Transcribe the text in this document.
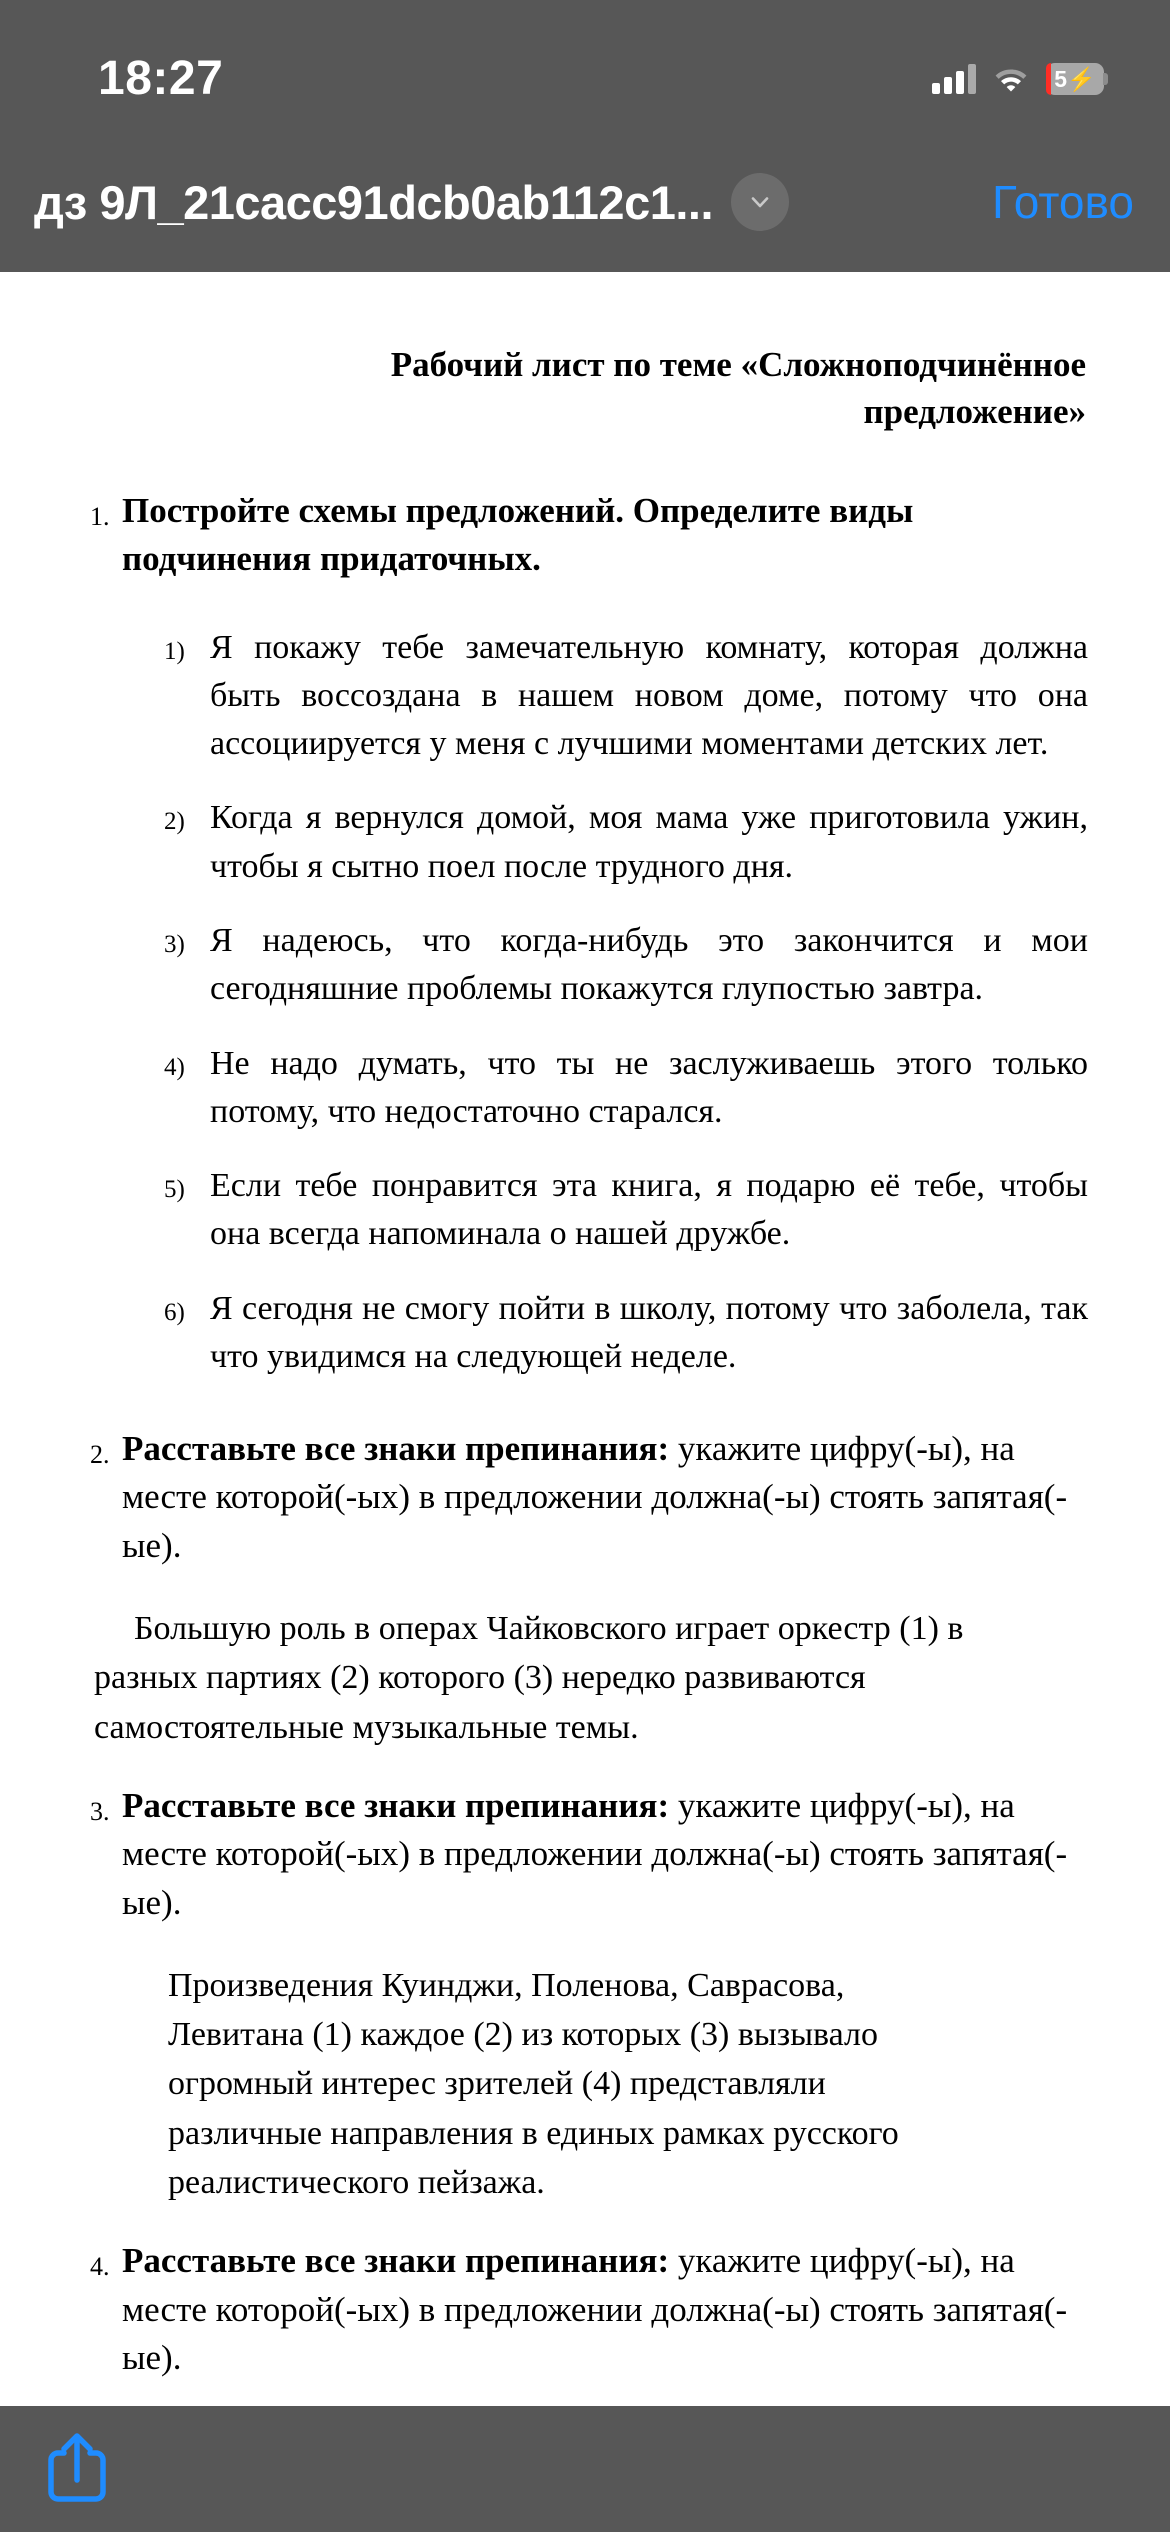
18:27	5 ⚡
дз 9Л_21cacc91dcb0ab112c1...	Готово
Рабочий лист по теме «Сложноподчинённое предложение»
1. Постройте схемы предложений. Определите виды подчинения придаточных.
1) Я покажу тебе замечательную комнату, которая должна быть воссоздана в нашем новом доме, потому что она ассоциируется у меня с лучшими моментами детских лет.
2) Когда я вернулся домой, моя мама уже приготовила ужин, чтобы я сытно поел после трудного дня.
3) Я надеюсь, что когда-нибудь это закончится и мои сегодняшние проблемы покажутся глупостью завтра.
4) Не надо думать, что ты не заслуживаешь этого только потому, что недостаточно старался.
5) Если тебе понравится эта книга, я подарю её тебе, чтобы она всегда напоминала о нашей дружбе.
6) Я сегодня не смогу пойти в школу, потому что заболела, так что увидимся на следующей неделе.
2. Расставьте все знаки препинания: укажите цифру(-ы), на месте которой(-ых) в предложении должна(-ы) стоять запятая(-ые).
Большую роль в операх Чайковского играет оркестр (1) в разных партиях (2) которого (3) нередко развиваются самостоятельные музыкальные темы.
3. Расставьте все знаки препинания: укажите цифру(-ы), на месте которой(-ых) в предложении должна(-ы) стоять запятая(-ые).
Произведения Куинджи, Поленова, Саврасова, Левитана (1) каждое (2) из которых (3) вызывало огромный интерес зрителей (4) представляли различные направления в единых рамках русского реалистического пейзажа.
4. Расставьте все знаки препинания: укажите цифру(-ы), на месте которой(-ых) в предложении должна(-ы) стоять запятая(-ые).
